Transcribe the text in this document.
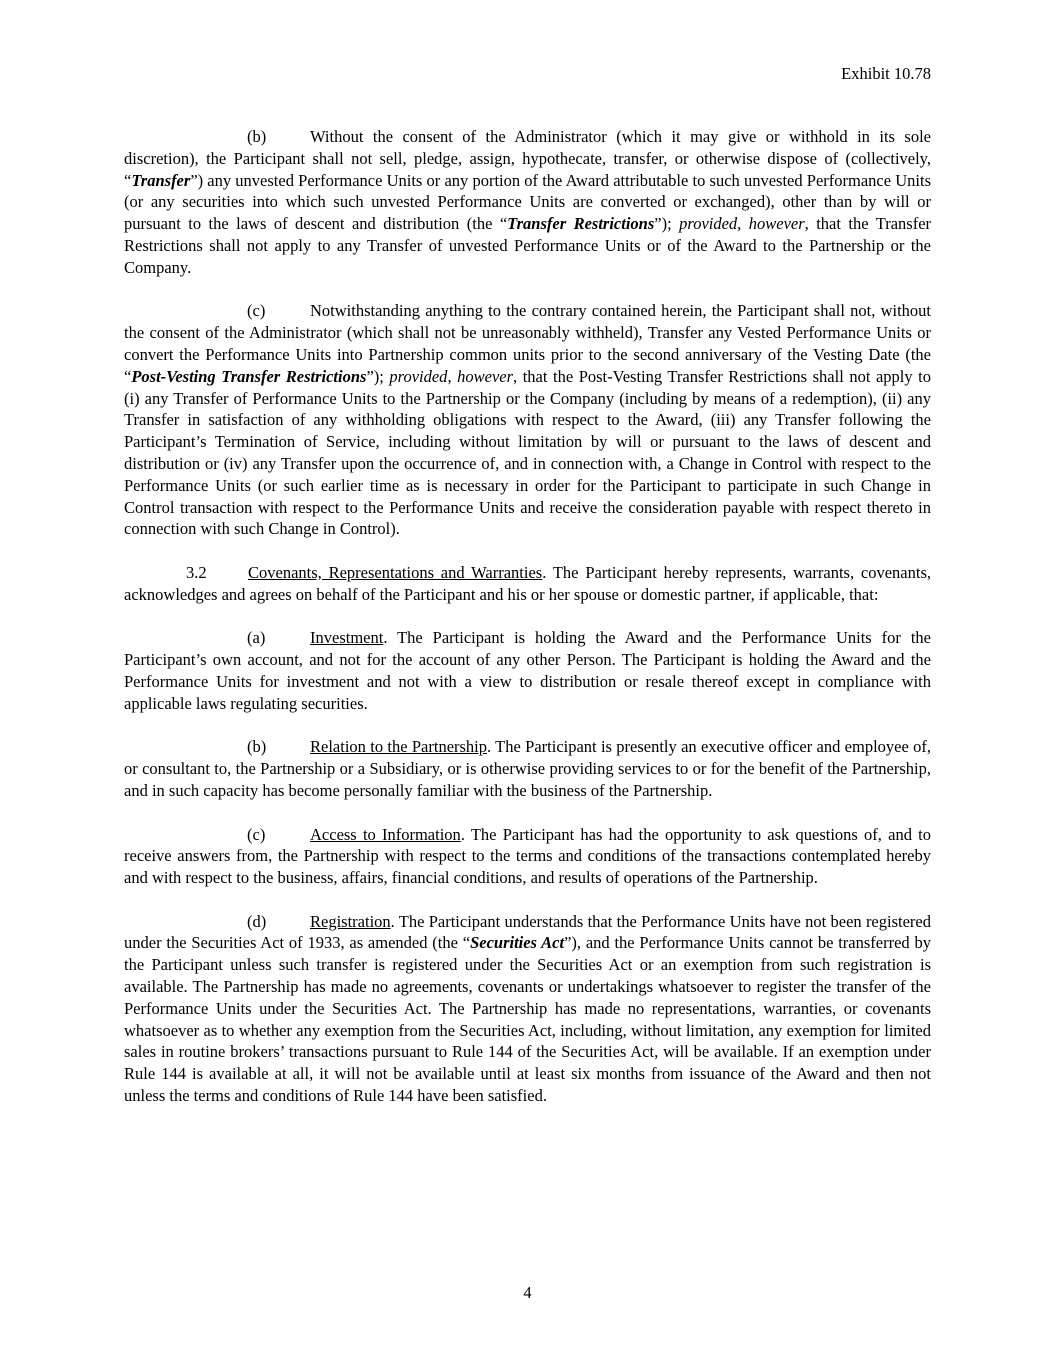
Exhibit 10.78

(b)	Without the consent of the Administrator (which it may give or withhold in its sole discretion), the Participant shall not sell, pledge, assign, hypothecate, transfer, or otherwise dispose of (collectively, “Transfer”) any unvested Performance Units or any portion of the Award attributable to such unvested Performance Units (or any securities into which such unvested Performance Units are converted or exchanged), other than by will or pursuant to the laws of descent and distribution (the “Transfer Restrictions”); provided, however, that the Transfer Restrictions shall not apply to any Transfer of unvested Performance Units or of the Award to the Partnership or the Company.

(c)	Notwithstanding anything to the contrary contained herein, the Participant shall not, without the consent of the Administrator (which shall not be unreasonably withheld), Transfer any Vested Performance Units or convert the Performance Units into Partnership common units prior to the second anniversary of the Vesting Date (the “Post-Vesting Transfer Restrictions”); provided, however, that the Post-Vesting Transfer Restrictions shall not apply to (i) any Transfer of Performance Units to the Partnership or the Company (including by means of a redemption), (ii) any Transfer in satisfaction of any withholding obligations with respect to the Award, (iii) any Transfer following the Participant’s Termination of Service, including without limitation by will or pursuant to the laws of descent and distribution or (iv) any Transfer upon the occurrence of, and in connection with, a Change in Control with respect to the Performance Units (or such earlier time as is necessary in order for the Participant to participate in such Change in Control transaction with respect to the Performance Units and receive the consideration payable with respect thereto in connection with such Change in Control).

3.2	Covenants, Representations and Warranties. The Participant hereby represents, warrants, covenants, acknowledges and agrees on behalf of the Participant and his or her spouse or domestic partner, if applicable, that:

(a)	Investment. The Participant is holding the Award and the Performance Units for the Participant’s own account, and not for the account of any other Person. The Participant is holding the Award and the Performance Units for investment and not with a view to distribution or resale thereof except in compliance with applicable laws regulating securities.

(b)	Relation to the Partnership. The Participant is presently an executive officer and employee of, or consultant to, the Partnership or a Subsidiary, or is otherwise providing services to or for the benefit of the Partnership, and in such capacity has become personally familiar with the business of the Partnership.

(c)	Access to Information. The Participant has had the opportunity to ask questions of, and to receive answers from, the Partnership with respect to the terms and conditions of the transactions contemplated hereby and with respect to the business, affairs, financial conditions, and results of operations of the Partnership.

(d)	Registration. The Participant understands that the Performance Units have not been registered under the Securities Act of 1933, as amended (the “Securities Act”), and the Performance Units cannot be transferred by the Participant unless such transfer is registered under the Securities Act or an exemption from such registration is available. The Partnership has made no agreements, covenants or undertakings whatsoever to register the transfer of the Performance Units under the Securities Act. The Partnership has made no representations, warranties, or covenants whatsoever as to whether any exemption from the Securities Act, including, without limitation, any exemption for limited sales in routine brokers’ transactions pursuant to Rule 144 of the Securities Act, will be available. If an exemption under Rule 144 is available at all, it will not be available until at least six months from issuance of the Award and then not unless the terms and conditions of Rule 144 have been satisfied.

4
